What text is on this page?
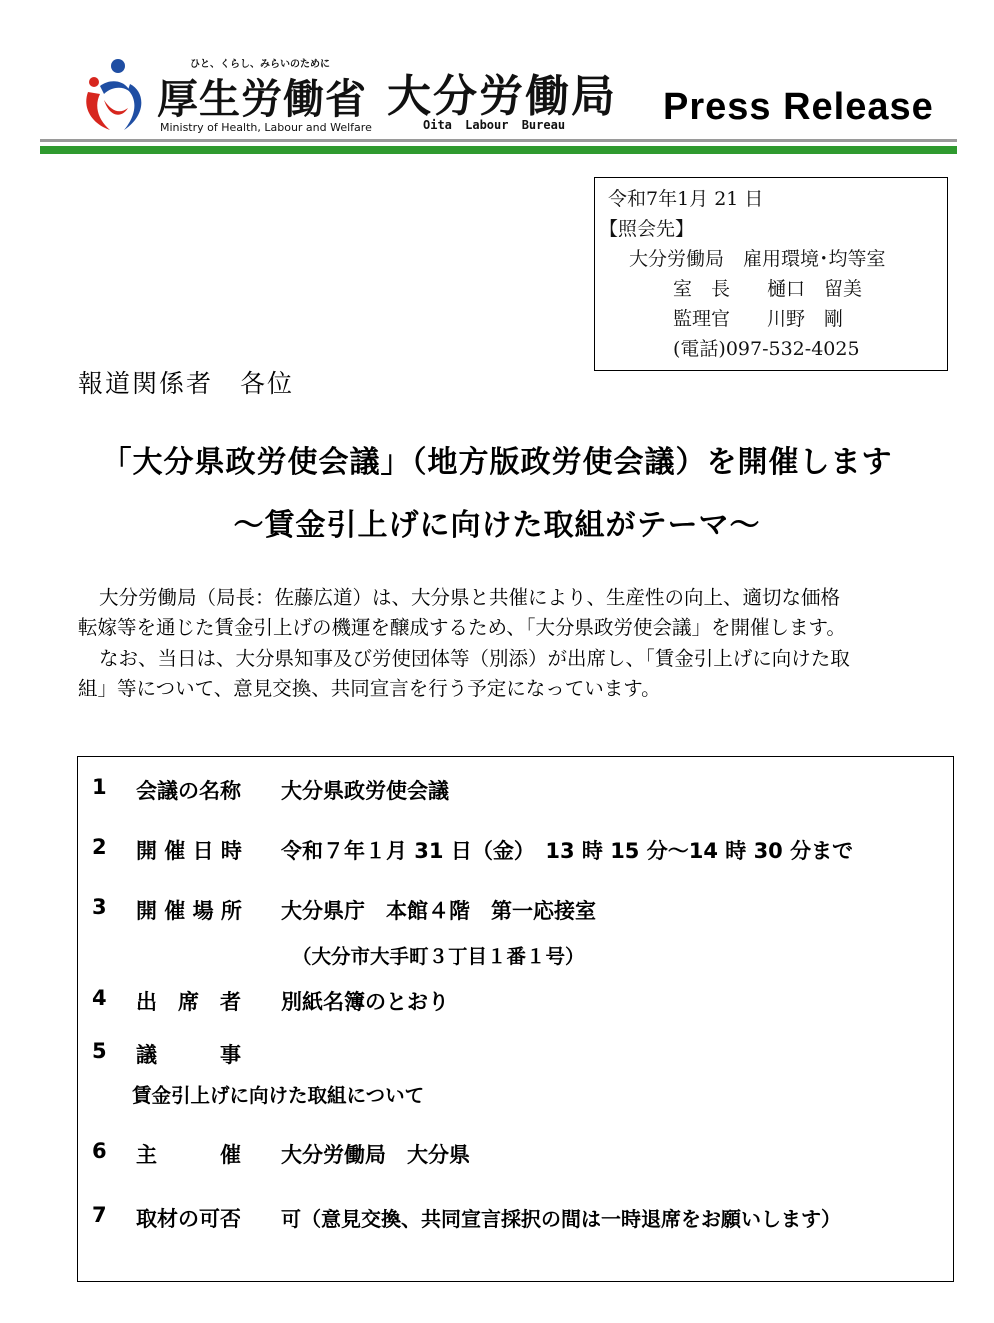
ひと、くらし、みらいのために
厚生労働省
Ministry of Health, Labour and Welfare
大分労働局
Oita Labour Bureau	Press Release
令和7年1月 21 日
【照会先】
大分労働局　雇用環境･均等室
室　長 樋口　留美
監理官 川野　剛
(電話)097-532-4025
報道関係者　各位
「大分県政労使会議」（地方版政労使会議）を開催します
～賃金引上げに向けた取組がテーマ～
大分労働局（局長：佐藤広道）は、大分県と共催により、生産性の向上、適切な価格
転嫁等を通じた賃金引上げの機運を醸成するため、「大分県政労使会議」を開催します。
なお、当日は、大分県知事及び労使団体等（別添）が出席し、「賃金引上げに向けた取
組」等について、意見交換、共同宣言を行う予定になっています。
1 会議の名称 大分県政労使会議
2 開 催 日 時 令和７年１月 31 日（金）　13 時 15 分～14 時 30 分まで
3 開 催 場 所 大分県庁　本館４階　第一応接室
（大分市大手町３丁目１番１号）
4 出　席　者 別紙名簿のとおり
5 議　　　事
賃金引上げに向けた取組について
6 主　　　催 大分労働局　大分県
7 取材の可否 可（意見交換、共同宣言採択の間は一時退席をお願いします）
